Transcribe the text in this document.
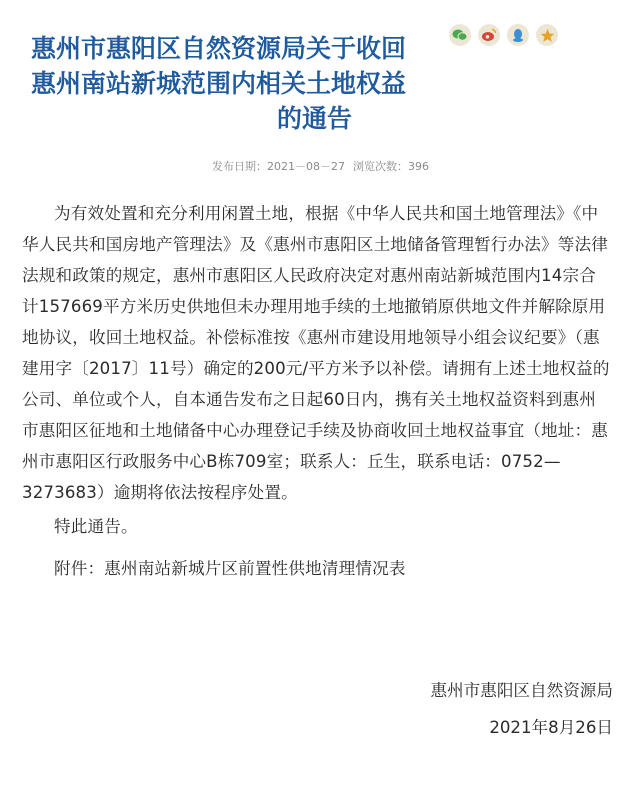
惠州市惠阳区自然资源局关于收回
惠州南站新城范围内相关土地权益
的通告
发布日期：2021－08－27 浏览次数：396
为有效处置和充分利用闲置土地，根据《中华人民共和国土地管理法》《中
华人民共和国房地产管理法》及《惠州市惠阳区土地储备管理暂行办法》等法律
法规和政策的规定，惠州市惠阳区人民政府决定对惠州南站新城范围内14宗合
计157669平方米历史供地但未办理用地手续的土地撤销原供地文件并解除原用
地协议，收回土地权益。补偿标准按《惠州市建设用地领导小组会议纪要》（惠
建用字〔2017〕11号）确定的200元/平方米予以补偿。请拥有上述土地权益的
公司、单位或个人，自本通告发布之日起60日内，携有关土地权益资料到惠州
市惠阳区征地和土地储备中心办理登记手续及协商收回土地权益事宜（地址：惠
州市惠阳区行政服务中心B栋709室；联系人：丘生，联系电话：0752—
3273683）逾期将依法按程序处置。
特此通告。
附件：惠州南站新城片区前置性供地清理情况表
惠州市惠阳区自然资源局
2021年8月26日
